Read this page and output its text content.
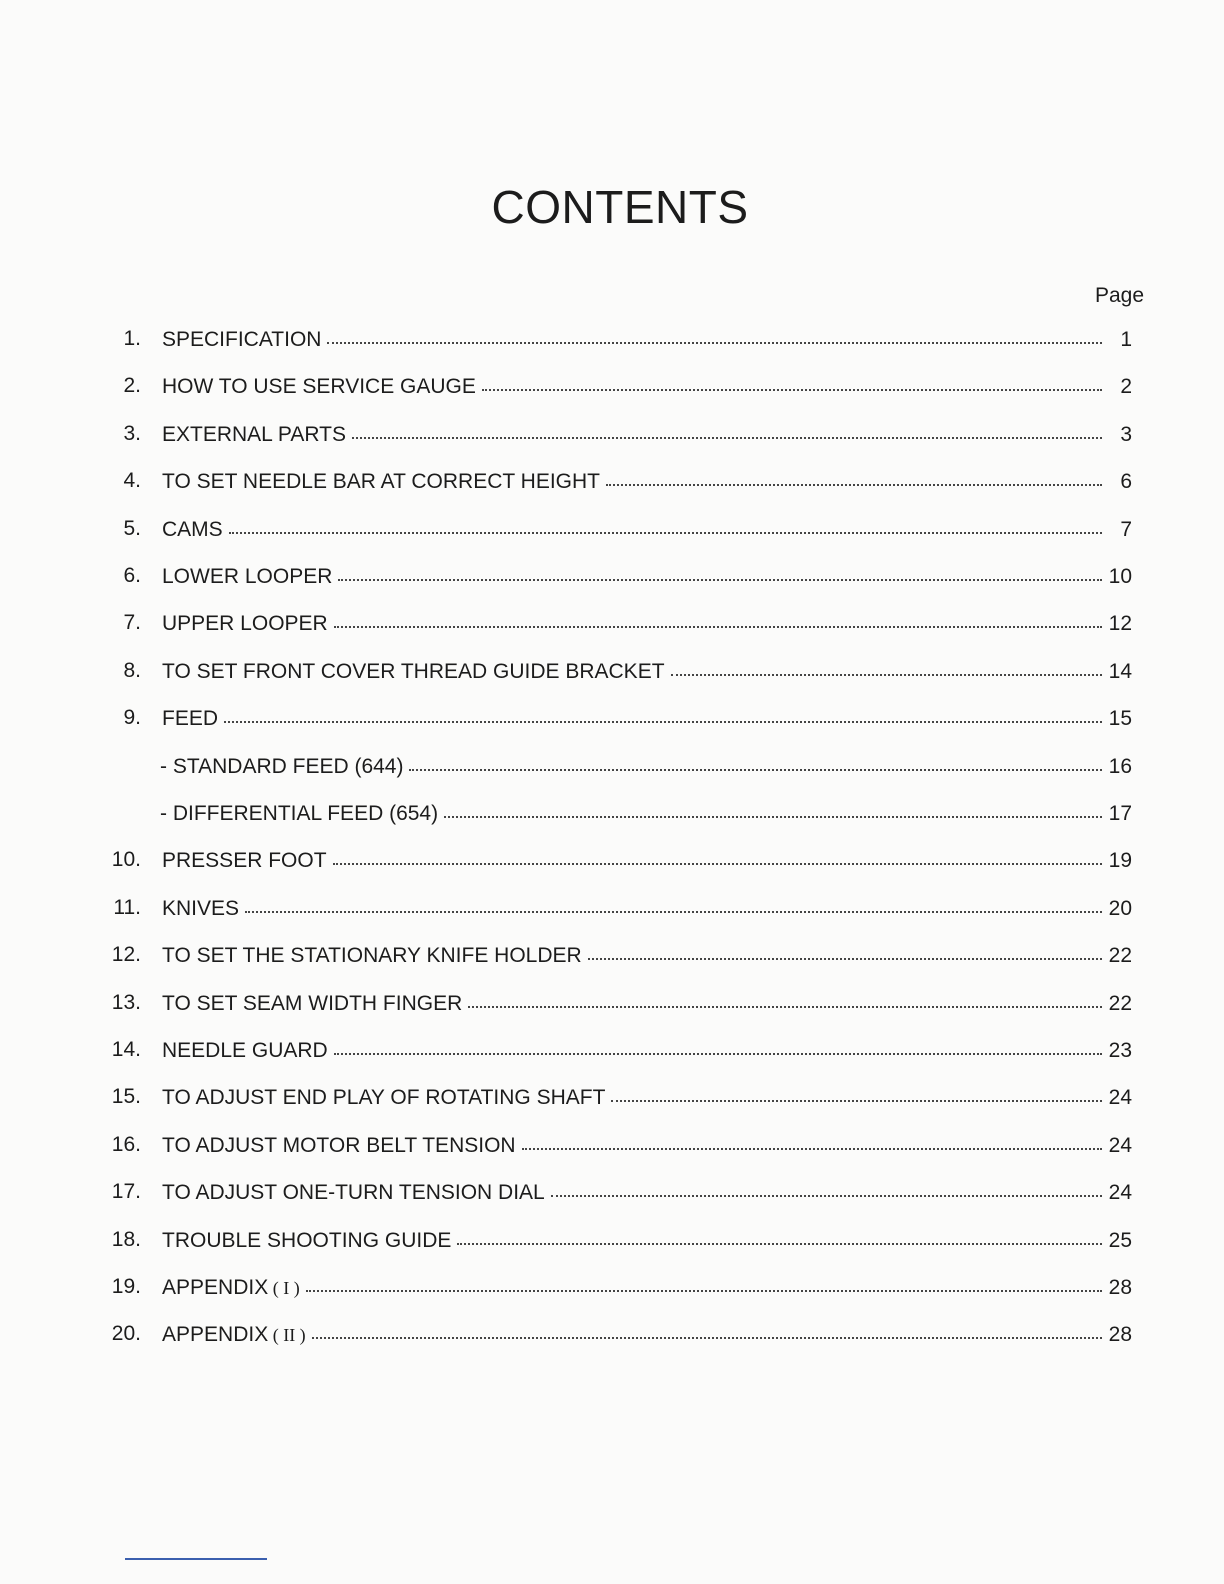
CONTENTS
Page
1. SPECIFICATION	1
2. HOW TO USE SERVICE GAUGE	2
3. EXTERNAL PARTS	3
4. TO SET NEEDLE BAR AT CORRECT HEIGHT	6
5. CAMS	7
6. LOWER LOOPER	10
7. UPPER LOOPER	12
8. TO SET FRONT COVER THREAD GUIDE BRACKET	14
9. FEED	15
- STANDARD FEED (644)	16
- DIFFERENTIAL FEED (654)	17
10. PRESSER FOOT	19
11. KNIVES	20
12. TO SET THE STATIONARY KNIFE HOLDER	22
13. TO SET SEAM WIDTH FINGER	22
14. NEEDLE GUARD	23
15. TO ADJUST END PLAY OF ROTATING SHAFT	24
16. TO ADJUST MOTOR BELT TENSION	24
17. TO ADJUST ONE-TURN TENSION DIAL	24
18. TROUBLE SHOOTING GUIDE	25
19. APPENDIX ( I )	28
20. APPENDIX ( II )	28
